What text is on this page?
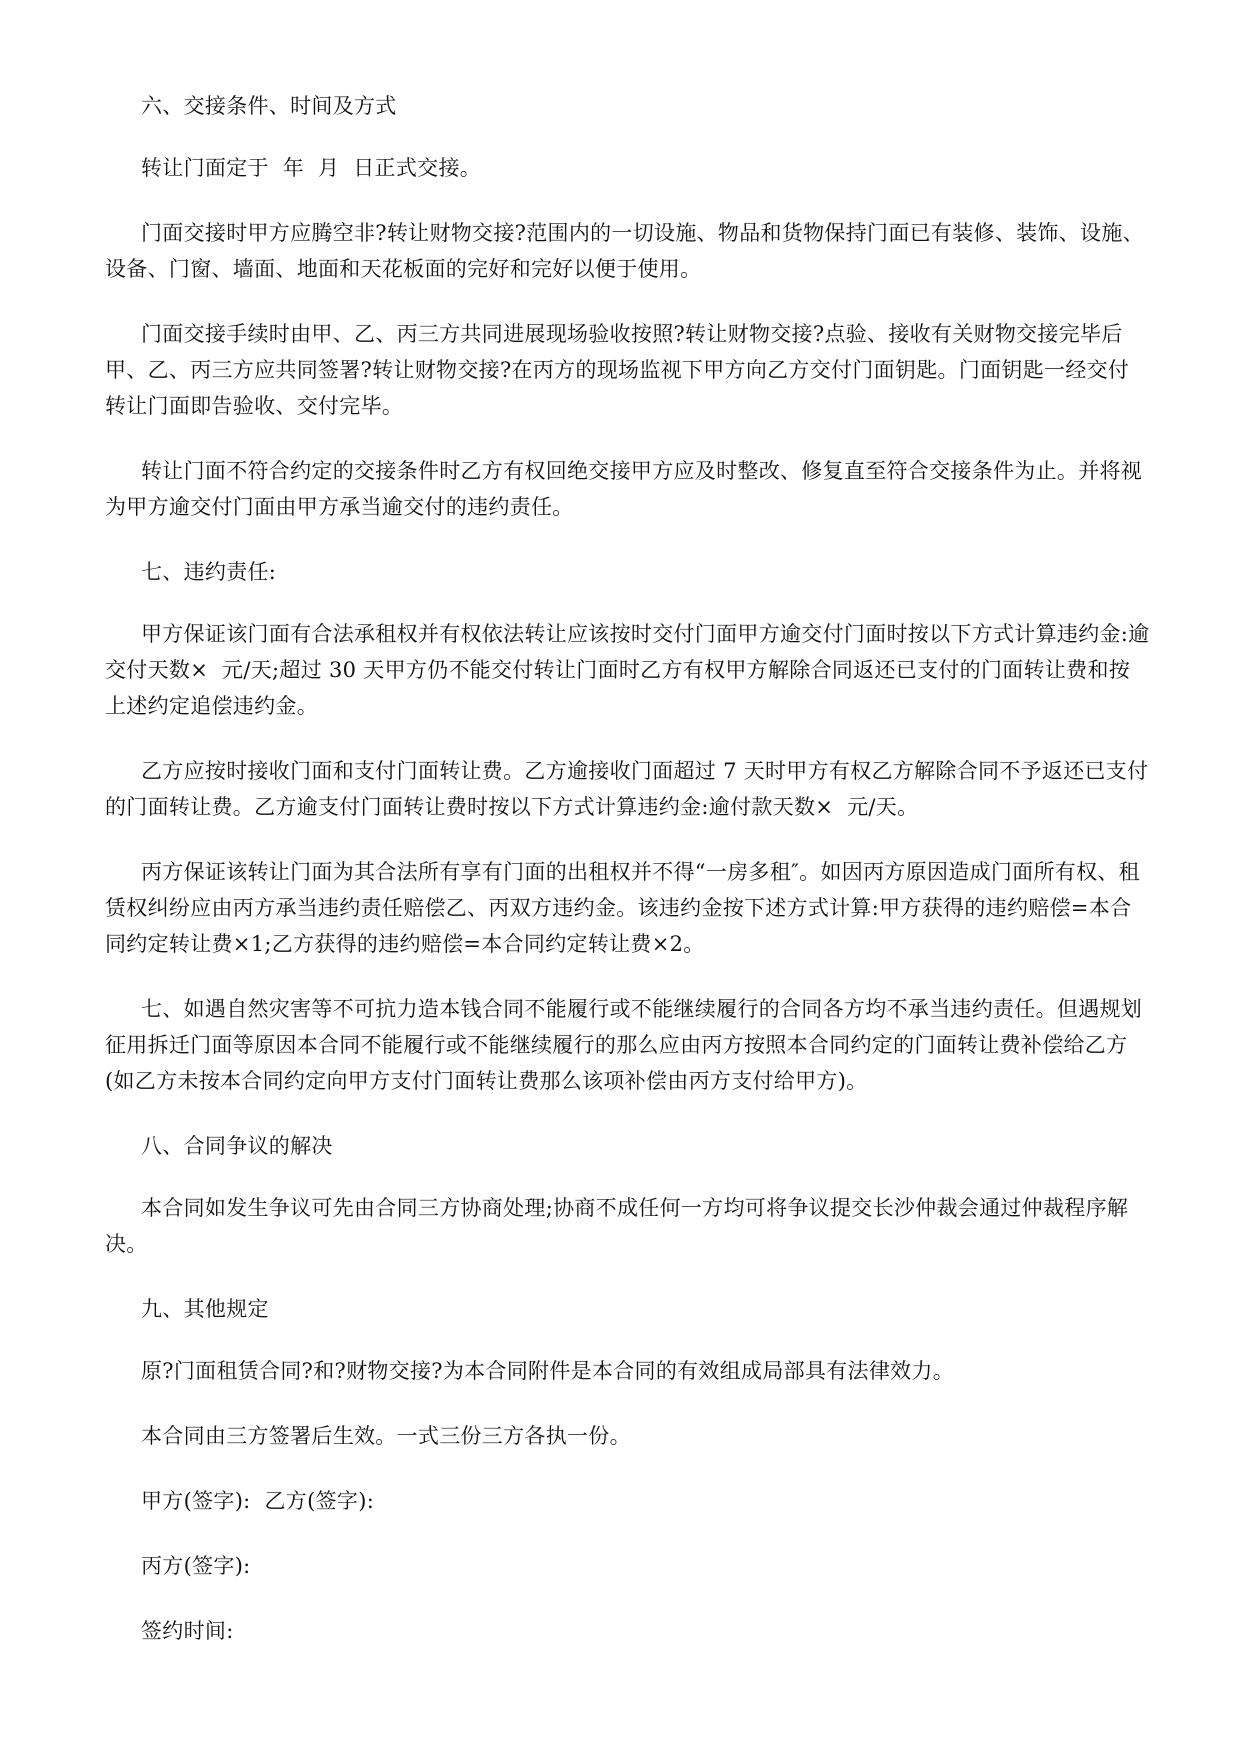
六、交接条件、时间及方式

转让门面定于  年  月  日正式交接。

门面交接时甲方应腾空非?转让财物交接?范围内的一切设施、物品和货物保持门面已有装修、装饰、设施、设备、门窗、墙面、地面和天花板面的完好和完好以便于使用。

门面交接手续时由甲、乙、丙三方共同进展现场验收按照?转让财物交接?点验、接收有关财物交接完毕后甲、乙、丙三方应共同签署?转让财物交接?在丙方的现场监视下甲方向乙方交付门面钥匙。门面钥匙一经交付转让门面即告验收、交付完毕。

转让门面不符合约定的交接条件时乙方有权回绝交接甲方应及时整改、修复直至符合交接条件为止。并将视为甲方逾交付门面由甲方承当逾交付的违约责任。

七、违约责任:

甲方保证该门面有合法承租权并有权依法转让应该按时交付门面甲方逾交付门面时按以下方式计算违约金:逾交付天数×  元/天;超过 30 天甲方仍不能交付转让门面时乙方有权甲方解除合同返还已支付的门面转让费和按上述约定追偿违约金。

乙方应按时接收门面和支付门面转让费。乙方逾接收门面超过 7 天时甲方有权乙方解除合同不予返还已支付的门面转让费。乙方逾支付门面转让费时按以下方式计算违约金:逾付款天数×  元/天。

丙方保证该转让门面为其合法所有享有门面的出租权并不得“一房多租″。如因丙方原因造成门面所有权、租赁权纠纷应由丙方承当违约责任赔偿乙、丙双方违约金。该违约金按下述方式计算:甲方获得的违约赔偿=本合同约定转让费×1;乙方获得的违约赔偿=本合同约定转让费×2。

七、如遇自然灾害等不可抗力造本钱合同不能履行或不能继续履行的合同各方均不承当违约责任。但遇规划征用拆迁门面等原因本合同不能履行或不能继续履行的那么应由丙方按照本合同约定的门面转让费补偿给乙方(如乙方未按本合同约定向甲方支付门面转让费那么该项补偿由丙方支付给甲方)。

八、合同争议的解决

本合同如发生争议可先由合同三方协商处理;协商不成任何一方均可将争议提交长沙仲裁会通过仲裁程序解决。

九、其他规定

原?门面租赁合同?和?财物交接?为本合同附件是本合同的有效组成局部具有法律效力。

本合同由三方签署后生效。一式三份三方各执一份。

甲方(签字):  乙方(签字):

丙方(签字):

签约时间:
